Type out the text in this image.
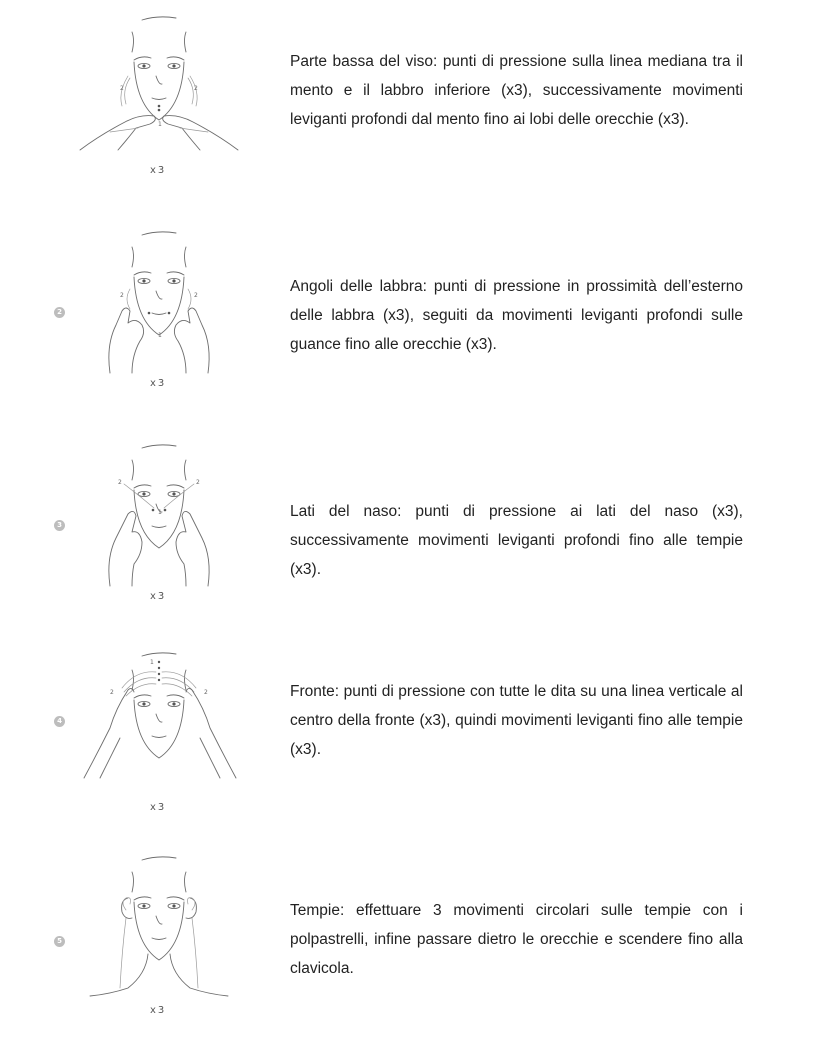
2	2
1
x3

Parte bassa del viso: punti di pressione sulla linea mediana tra il mento e il labbro inferiore (x3), successivamente movimenti leviganti profondi dal mento fino ai lobi delle orecchie (x3).

2
2	2
1
x3

Angoli delle labbra: punti di pressione in prossimità dell’esterno delle labbra (x3), seguiti da movimenti leviganti profondi sulle guance fino alle orecchie (x3).

3
2	2
1
x3

Lati del naso: punti di pressione ai lati del naso (x3), successivamente movimenti leviganti profondi fino alle tempie (x3).

4
2	2
1
x3

Fronte: punti di pressione con tutte le dita su una linea verticale al centro della fronte (x3), quindi movimenti leviganti fino alle tempie (x3).

5
x3

Tempie: effettuare 3 movimenti circolari sulle tempie con i polpastrelli, infine passare dietro le orecchie e scendere fino alla clavicola.
